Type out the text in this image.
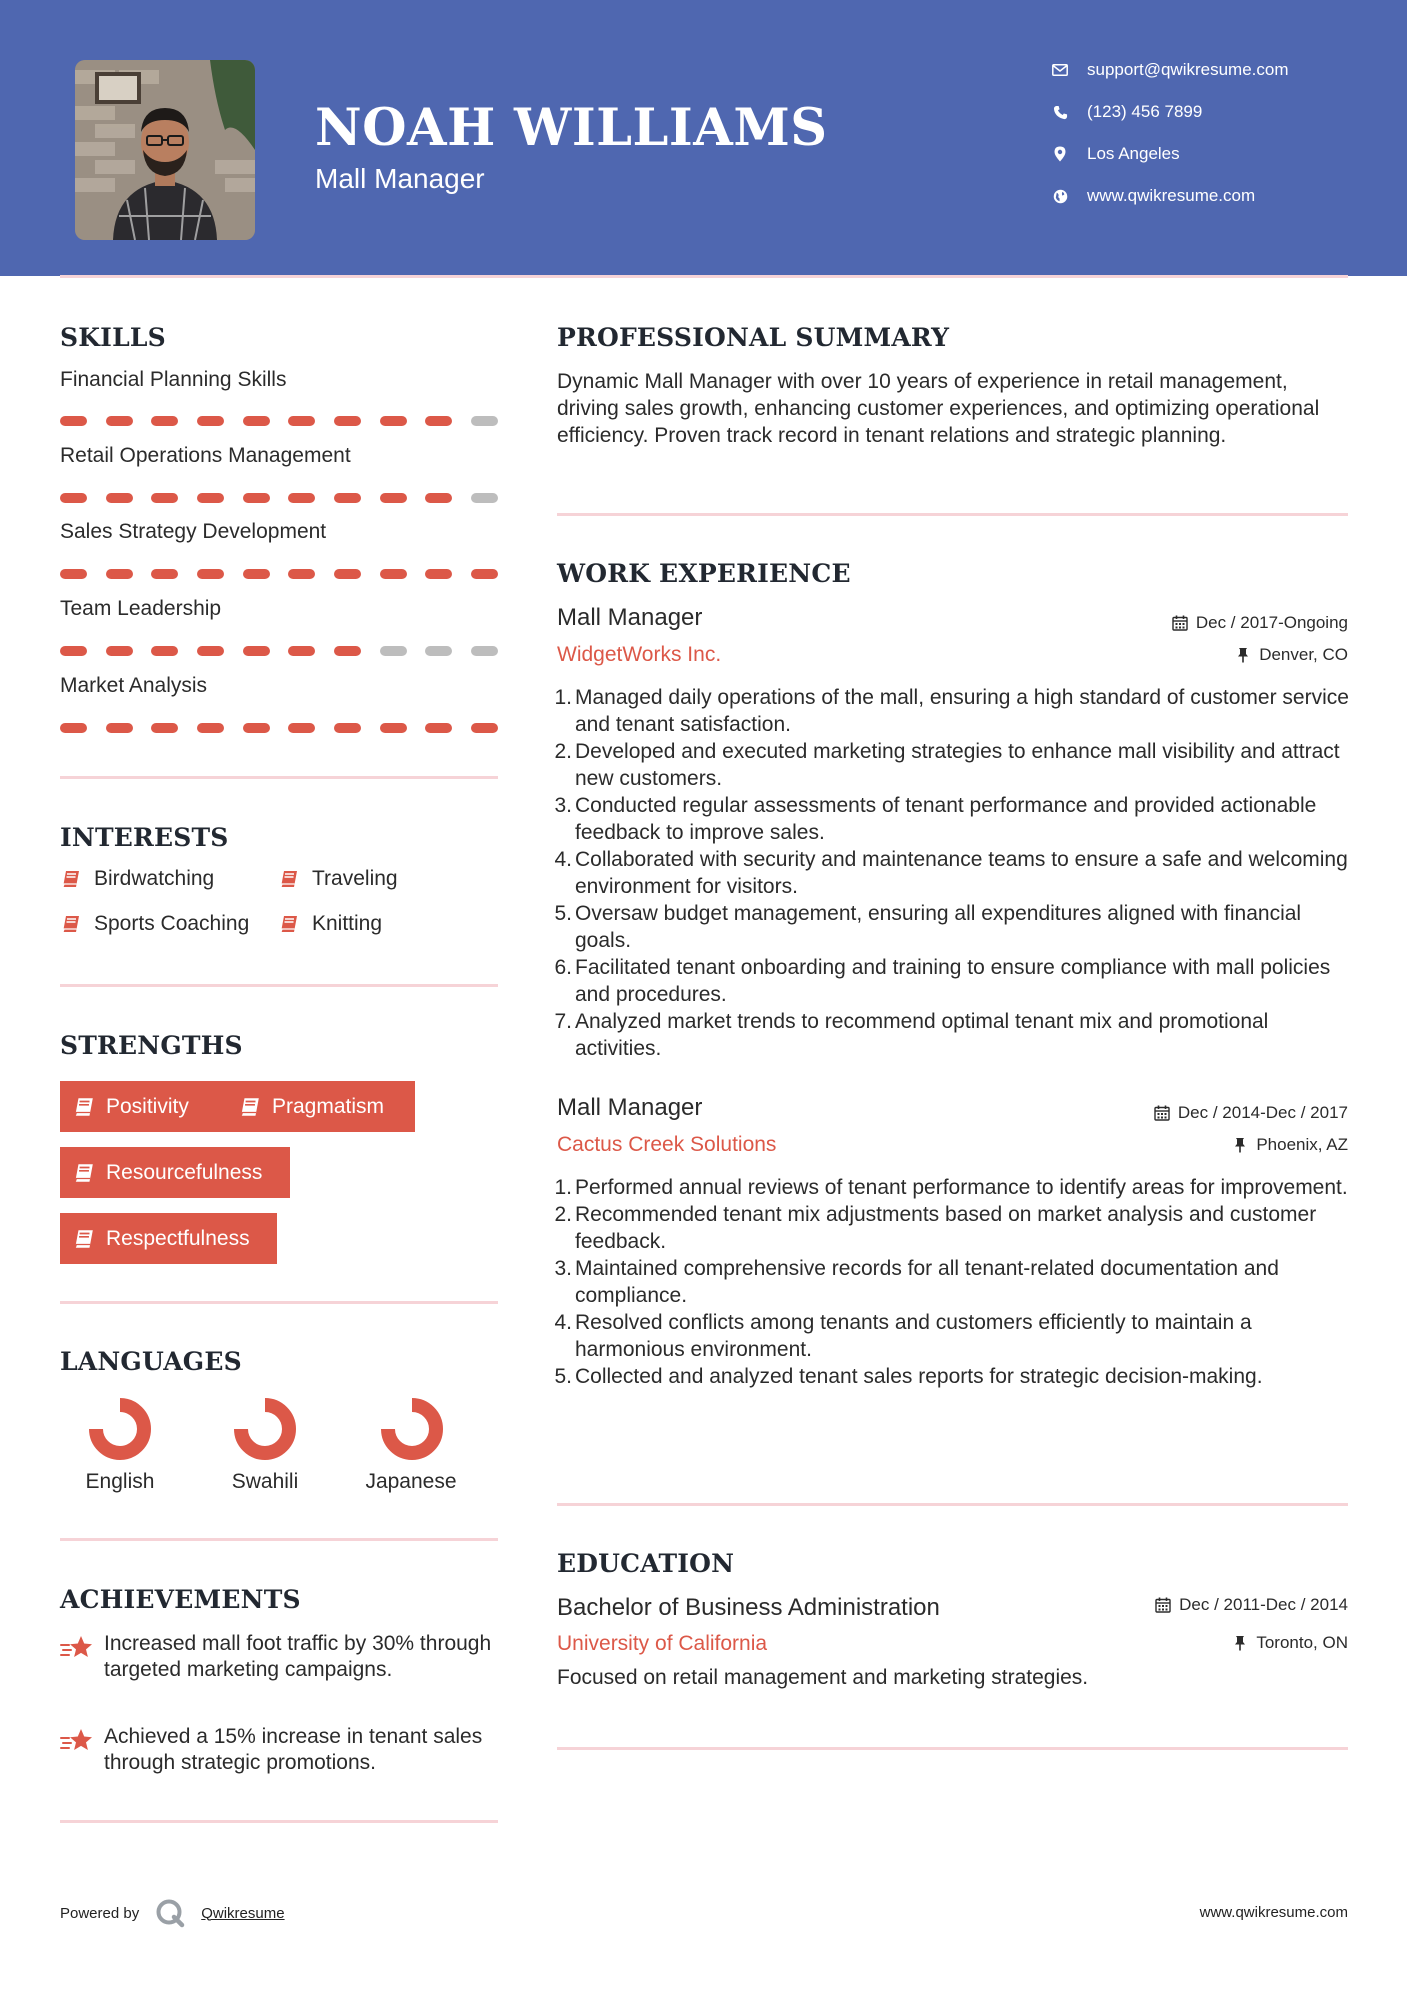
NOAH WILLIAMS
Mall Manager
support@qwikresume.com
(123) 456 7899
Los Angeles
www.qwikresume.com
SKILLS
Financial Planning Skills
Retail Operations Management
Sales Strategy Development
Team Leadership
Market Analysis
INTERESTS
Birdwatching	Traveling
Sports Coaching	Knitting
STRENGTHS
Positivity	Pragmatism
Resourcefulness
Respectfulness
LANGUAGES
English	Swahili	Japanese
ACHIEVEMENTS
Increased mall foot traffic by 30% through targeted marketing campaigns.
Achieved a 15% increase in tenant sales through strategic promotions.
PROFESSIONAL SUMMARY
Dynamic Mall Manager with over 10 years of experience in retail management, driving sales growth, enhancing customer experiences, and optimizing operational efficiency. Proven track record in tenant relations and strategic planning.
WORK EXPERIENCE
Mall Manager	Dec / 2017-Ongoing
WidgetWorks Inc.	Denver, CO
1. Managed daily operations of the mall, ensuring a high standard of customer service and tenant satisfaction.
2. Developed and executed marketing strategies to enhance mall visibility and attract new customers.
3. Conducted regular assessments of tenant performance and provided actionable feedback to improve sales.
4. Collaborated with security and maintenance teams to ensure a safe and welcoming environment for visitors.
5. Oversaw budget management, ensuring all expenditures aligned with financial goals.
6. Facilitated tenant onboarding and training to ensure compliance with mall policies and procedures.
7. Analyzed market trends to recommend optimal tenant mix and promotional activities.
Mall Manager	Dec / 2014-Dec / 2017
Cactus Creek Solutions	Phoenix, AZ
1. Performed annual reviews of tenant performance to identify areas for improvement.
2. Recommended tenant mix adjustments based on market analysis and customer feedback.
3. Maintained comprehensive records for all tenant-related documentation and compliance.
4. Resolved conflicts among tenants and customers efficiently to maintain a harmonious environment.
5. Collected and analyzed tenant sales reports for strategic decision-making.
EDUCATION
Bachelor of Business Administration	Dec / 2011-Dec / 2014
University of California	Toronto, ON
Focused on retail management and marketing strategies.
Powered by	Qwikresume	www.qwikresume.com
